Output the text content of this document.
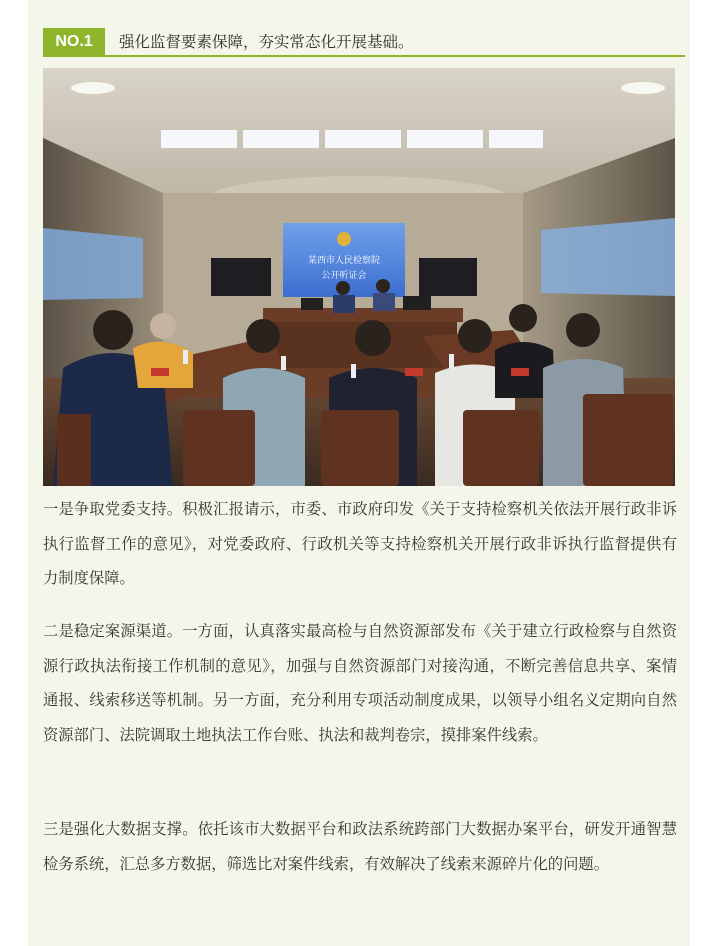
NO.1	强化监督要素保障，夯实常态化开展基础。
某西市人民检察院
公开听证会

一是争取党委支持。积极汇报请示，市委、市政府印发《关于支持检察机关依法开展行政非诉执行监督工作的意见》，对党委政府、行政机关等支持检察机关开展行政非诉执行监督提供有力制度保障。

二是稳定案源渠道。一方面，认真落实最高检与自然资源部发布《关于建立行政检察与自然资源行政执法衔接工作机制的意见》，加强与自然资源部门对接沟通，不断完善信息共享、案情通报、线索移送等机制。另一方面，充分利用专项活动制度成果，以领导小组名义定期向自然资源部门、法院调取土地执法工作台账、执法和裁判卷宗，摸排案件线索。

三是强化大数据支撑。依托该市大数据平台和政法系统跨部门大数据办案平台，研发开通智慧检务系统，汇总多方数据，筛选比对案件线索，有效解决了线索来源碎片化的问题。
